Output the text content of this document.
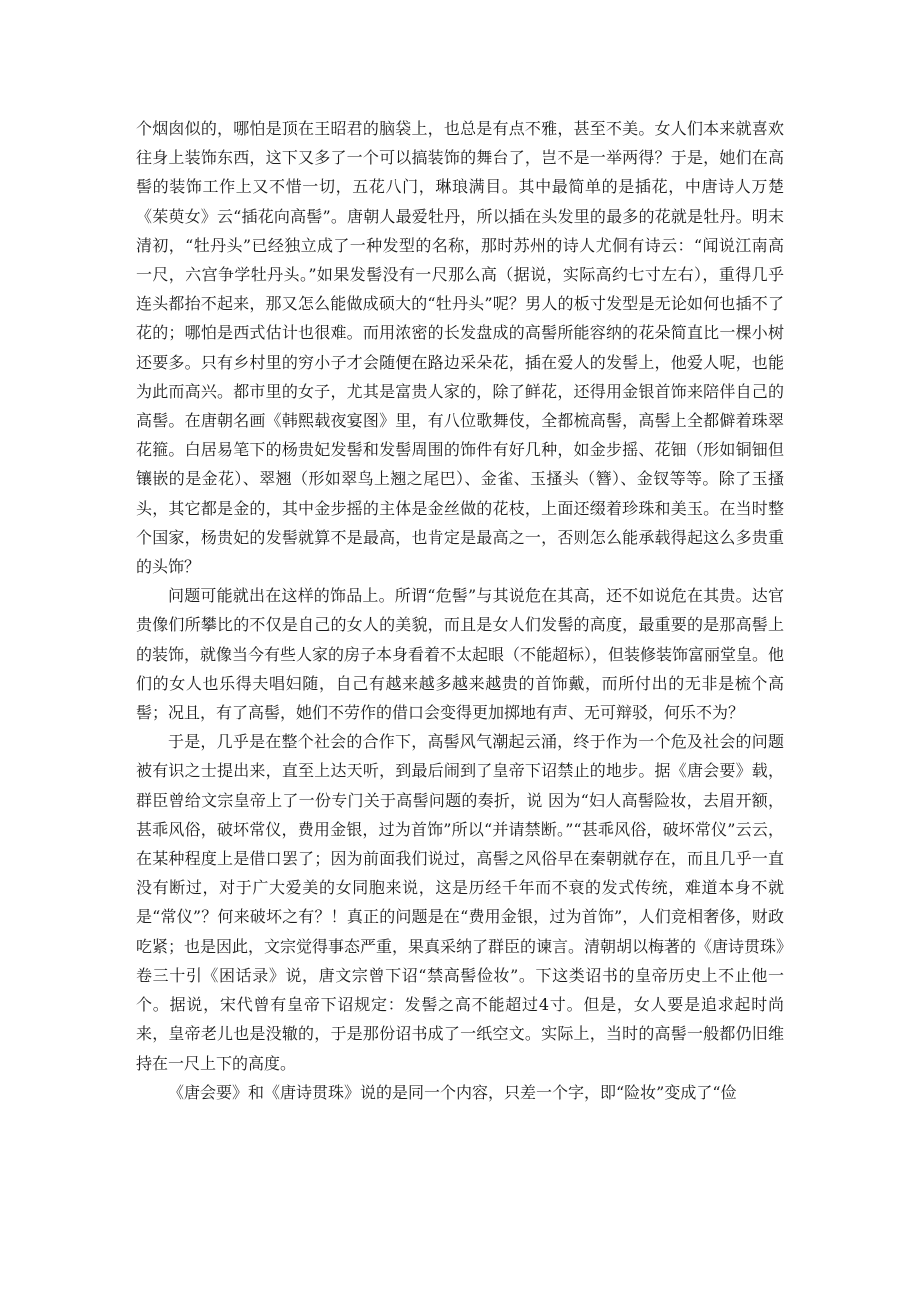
个烟囱似的，哪怕是顶在王昭君的脑袋上，也总是有点不雅，甚至不美。女人们本来就喜欢往身上装饰东西，这下又多了一个可以搞装饰的舞台了，岂不是一举两得？于是，她们在高髻的装饰工作上又不惜一切，五花八门，琳琅满目。其中最简单的是插花，中唐诗人万楚《茱萸女》云“插花向高髻”。唐朝人最爱牡丹，所以插在头发里的最多的花就是牡丹。明末清初，“牡丹头”已经独立成了一种发型的名称，那时苏州的诗人尤侗有诗云：“闻说江南高一尺，六宫争学牡丹头。”如果发髻没有一尺那么高（据说，实际高约七寸左右），重得几乎连头都抬不起来，那又怎么能做成硕大的“牡丹头”呢？男人的板寸发型是无论如何也插不了花的；哪怕是西式估计也很难。而用浓密的长发盘成的高髻所能容纳的花朵简直比一棵小树还要多。只有乡村里的穷小子才会随便在路边采朵花，插在爱人的发髻上，他爱人呢，也能为此而高兴。都市里的女子，尤其是富贵人家的，除了鲜花，还得用金银首饰来陪伴自己的高髻。在唐朝名画《韩熙载夜宴图》里，有八位歌舞伎，全都梳高髻，高髻上全都僻着珠翠花箍。白居易笔下的杨贵妃发髻和发髻周围的饰件有好几种，如金步摇、花钿（形如铜钿但镶嵌的是金花）、翠翘（形如翠鸟上翘之尾巴）、金雀、玉搔头（簪）、金钗等等。除了玉搔头，其它都是金的，其中金步摇的主体是金丝做的花枝，上面还缀着珍珠和美玉。在当时整个国家，杨贵妃的发髻就算不是最高，也肯定是最高之一，否则怎么能承载得起这么多贵重的头饰？

问题可能就出在这样的饰品上。所谓“危髻”与其说危在其高，还不如说危在其贵。达官贵像们所攀比的不仅是自己的女人的美貌，而且是女人们发髻的高度，最重要的是那高髻上的装饰，就像当今有些人家的房子本身看着不太起眼（不能超标），但装修装饰富丽堂皇。他们的女人也乐得夫唱妇随，自己有越来越多越来越贵的首饰戴，而所付出的无非是梳个高髻；况且，有了高髻，她们不劳作的借口会变得更加掷地有声、无可辩驳，何乐不为？

于是，几乎是在整个社会的合作下，高髻风气潮起云涌，终于作为一个危及社会的问题被有识之士提出来，直至上达天听，到最后闹到了皇帝下诏禁止的地步。据《唐会要》载，群臣曾给文宗皇帝上了一份专门关于高髻问题的奏折，说 因为“妇人高髻险妆，去眉开额，甚乖风俗，破坏常仪，费用金银，过为首饰”所以“并请禁断。”“甚乖风俗，破坏常仪”云云，在某种程度上是借口罢了；因为前面我们说过，高髻之风俗早在秦朝就存在，而且几乎一直没有断过，对于广大爱美的女同胞来说，这是历经千年而不衰的发式传统，难道本身不就是“常仪”？何来破坏之有？！真正的问题是在“费用金银，过为首饰”，人们竞相奢侈，财政吃紧；也是因此，文宗觉得事态严重，果真采纳了群臣的谏言。清朝胡以梅著的《唐诗贯珠》卷三十引《困话录》说，唐文宗曾下诏“禁高髻俭妆”。下这类诏书的皇帝历史上不止他一个。据说，宋代曾有皇帝下诏规定：发髻之高不能超过4寸。但是，女人要是追求起时尚来，皇帝老儿也是没辙的，于是那份诏书成了一纸空文。实际上，当时的高髻一般都仍旧维持在一尺上下的高度。

《唐会要》和《唐诗贯珠》说的是同一个内容，只差一个字，即“险妆”变成了“俭
